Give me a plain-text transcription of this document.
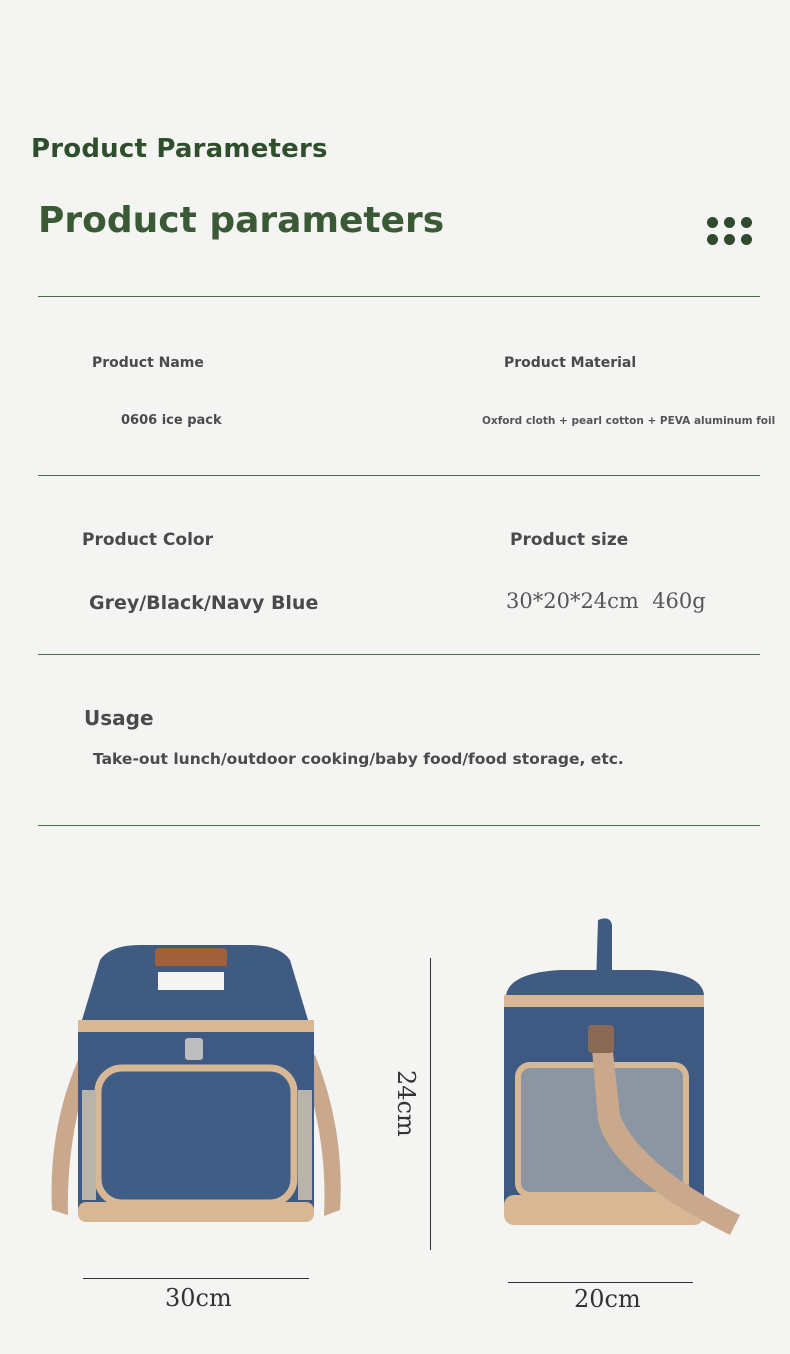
Product Parameters
Product parameters
Product Name	Product Material
0606 ice pack	Oxford cloth + pearl cotton + PEVA aluminum foil
Product Color	Product size
Grey/Black/Navy Blue	30*20*24cm  460g
Usage
Take-out lunch/outdoor cooking/baby food/food storage, etc.
30cm
24cm
20cm
